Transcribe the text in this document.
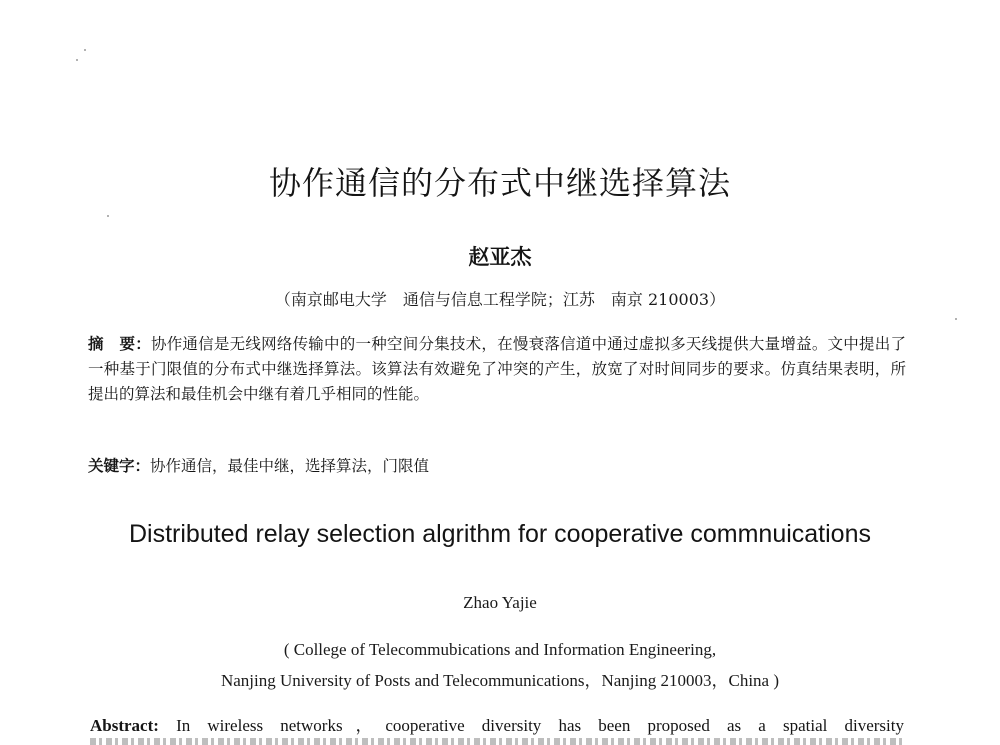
协作通信的分布式中继选择算法
赵亚杰
（南京邮电大学　通信与信息工程学院；江苏　南京 210003）
摘　要：协作通信是无线网络传输中的一种空间分集技术，在慢衰落信道中通过虚拟多天线提供大量增益。文中提出了一种基于门限值的分布式中继选择算法。该算法有效避免了冲突的产生，放宽了对时间同步的要求。仿真结果表明，所提出的算法和最佳机会中继有着几乎相同的性能。
关键字：协作通信，最佳中继，选择算法，门限值
Distributed relay selection algrithm for cooperative commnuications
Zhao Yajie
( College of Telecommubications and Information Engineering,
Nanjing University of Posts and Telecommunications，Nanjing 210003，China )
Abstract: In wireless networks，cooperative diversity has been proposed as a spatial diversity
